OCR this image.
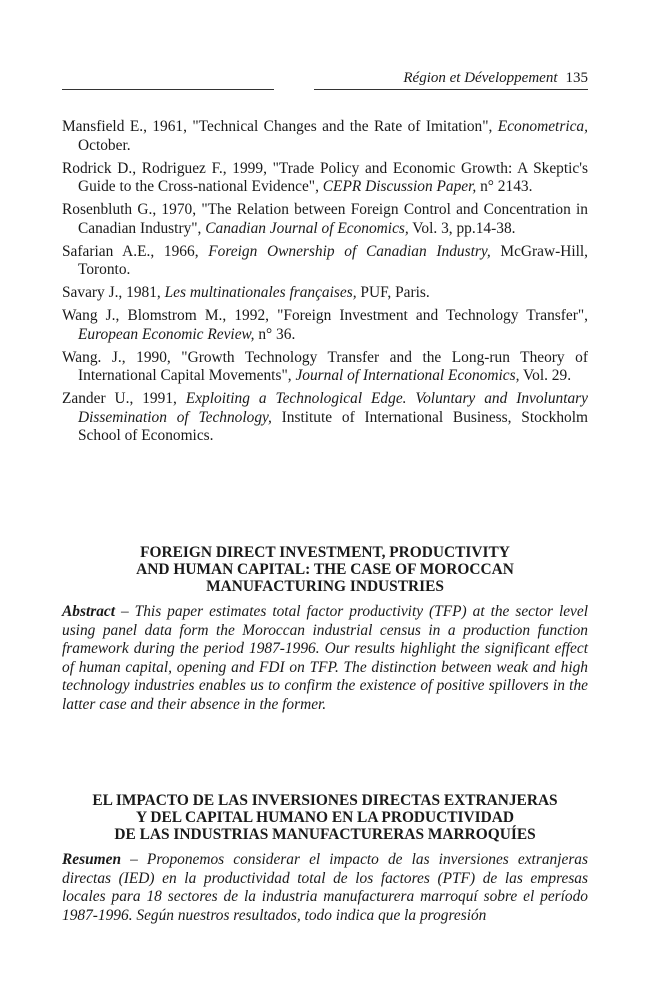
Région et Développement 135

Mansfield E., 1961, "Technical Changes and the Rate of Imitation", Econometrica, October.

Rodrick D., Rodriguez F., 1999, "Trade Policy and Economic Growth: A Skeptic's Guide to the Cross-national Evidence", CEPR Discussion Paper, n° 2143.

Rosenbluth G., 1970, "The Relation between Foreign Control and Concentration in Canadian Industry", Canadian Journal of Economics, Vol. 3, pp.14-38.

Safarian A.E., 1966, Foreign Ownership of Canadian Industry, McGraw-Hill, Toronto.

Savary J., 1981, Les multinationales françaises, PUF, Paris.

Wang J., Blomstrom M., 1992, "Foreign Investment and Technology Transfer", European Economic Review, n° 36.

Wang. J., 1990, "Growth Technology Transfer and the Long-run Theory of International Capital Movements", Journal of International Economics, Vol. 29.

Zander U., 1991, Exploiting a Technological Edge. Voluntary and Involuntary Dissemination of Technology, Institute of International Business, Stockholm School of Economics.

FOREIGN DIRECT INVESTMENT, PRODUCTIVITY

AND HUMAN CAPITAL: THE CASE OF MOROCCAN

MANUFACTURING INDUSTRIES

Abstract – This paper estimates total factor productivity (TFP) at the sector level using panel data form the Moroccan industrial census in a production function framework during the period 1987-1996. Our results highlight the significant effect of human capital, opening and FDI on TFP. The distinction between weak and high technology industries enables us to confirm the existence of positive spillovers in the latter case and their absence in the former.

EL IMPACTO DE LAS INVERSIONES DIRECTAS EXTRANJERAS

Y DEL CAPITAL HUMANO EN LA PRODUCTIVIDAD

DE LAS INDUSTRIAS MANUFACTURERAS MARROQUÍES

Resumen – Proponemos considerar el impacto de las inversiones extranjeras directas (IED) en la productividad total de los factores (PTF) de las empresas locales para 18 sectores de la industria manufacturera marroquí sobre el período 1987-1996. Según nuestros resultados, todo indica que la progresión
